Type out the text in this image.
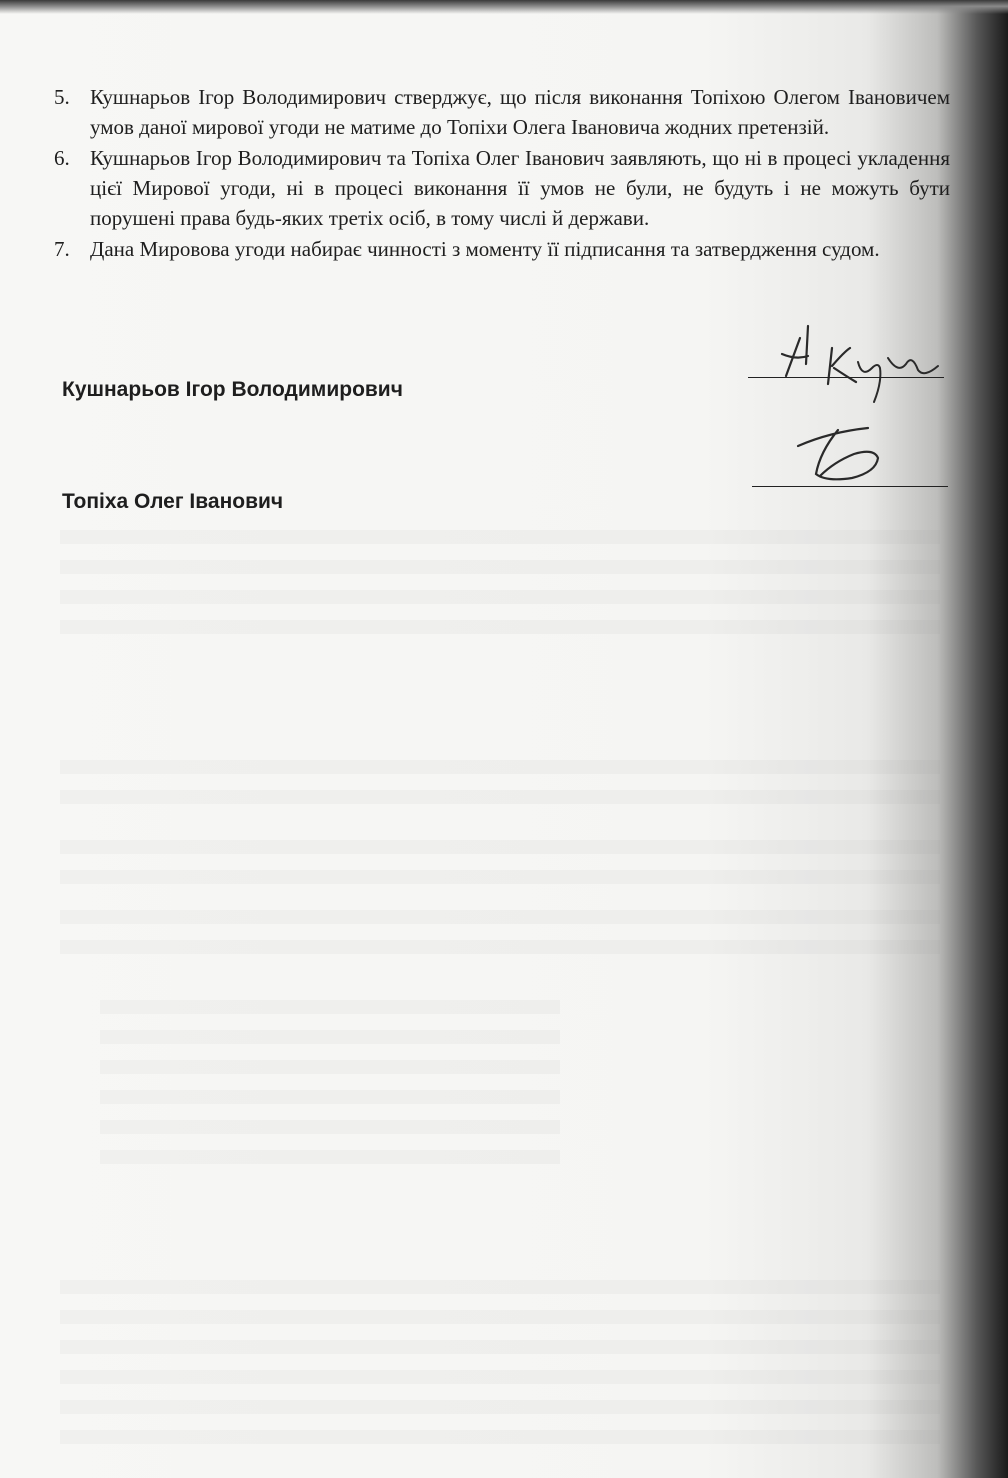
5. Кушнарьов Ігор Володимирович стверджує, що після виконання Топіхою Олегом Івановичем умов даної мирової угоди не матиме до Топіхи Олега Івановича жодних претензій.
6. Кушнарьов Ігор Володимирович та Топіха Олег Іванович заявляють, що ні в процесі укладення цієї Мирової угоди, ні в процесі виконання її умов не були, не будуть і не можуть бути порушені права будь-яких третіх осіб, в тому числі й держави.
7. Дана Мировова угоди набирає чинності з моменту її підписання та затвердження судом.
Кушнарьов Ігор Володимирович
Топіха Олег Іванович
